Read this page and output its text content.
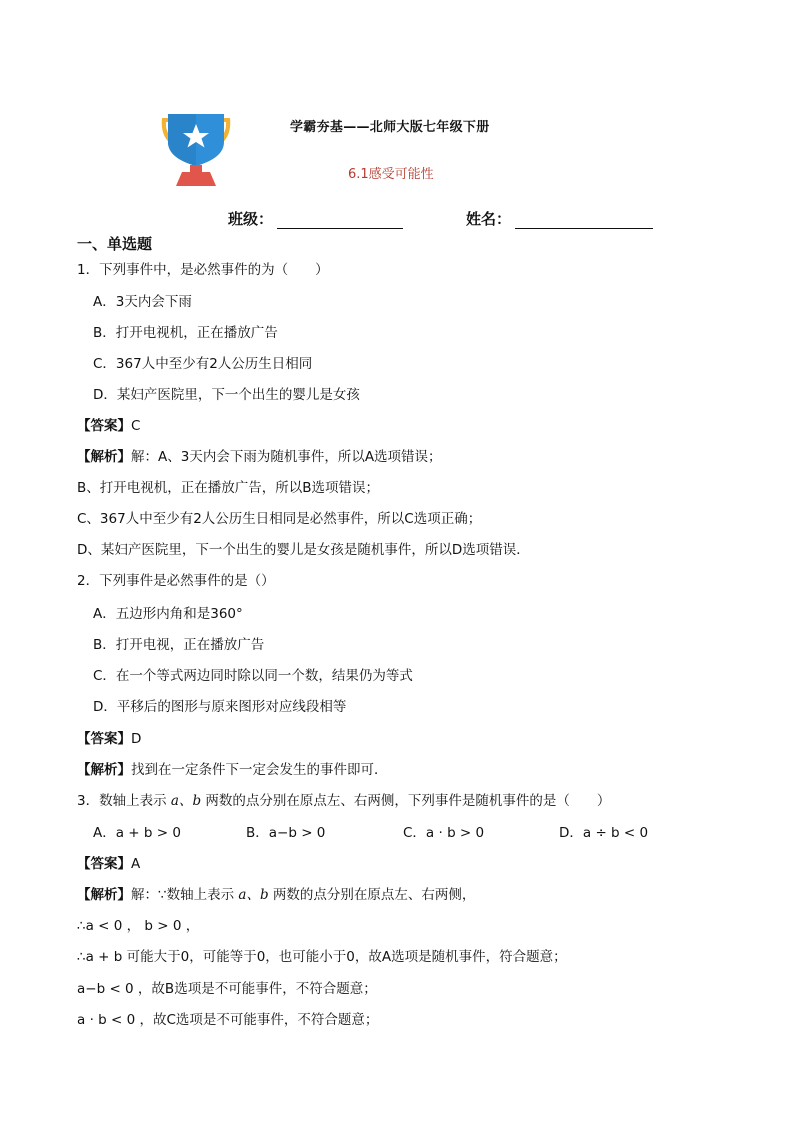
学霸夯基——北师大版七年级下册
6.1感受可能性
班级：	姓名：
一、单选题
1．下列事件中，是必然事件的为（　　）
A．3天内会下雨
B．打开电视机，正在播放广告
C．367人中至少有2人公历生日相同
D．某妇产医院里，下一个出生的婴儿是女孩
【答案】C
【解析】解：A、3天内会下雨为随机事件，所以A选项错误；
B、打开电视机，正在播放广告，所以B选项错误；
C、367人中至少有2人公历生日相同是必然事件，所以C选项正确；
D、某妇产医院里，下一个出生的婴儿是女孩是随机事件，所以D选项错误．
2．下列事件是必然事件的是（）
A．五边形内角和是360°
B．打开电视，正在播放广告
C．在一个等式两边同时除以同一个数，结果仍为等式
D．平移后的图形与原来图形对应线段相等
【答案】D
【解析】找到在一定条件下一定会发生的事件即可．
3．数轴上表示 a、b 两数的点分别在原点左、右两侧，下列事件是随机事件的是（　　）
A．a + b > 0	B．a−b > 0	C．a · b > 0	D．a ÷ b < 0
【答案】A
【解析】解：∵数轴上表示 a、b 两数的点分别在原点左、右两侧，
∴a < 0 ， b > 0 ，
∴a + b 可能大于0，可能等于0，也可能小于0，故A选项是随机事件，符合题意；
a−b < 0 ，故B选项是不可能事件，不符合题意；
a · b < 0 ，故C选项是不可能事件，不符合题意；
